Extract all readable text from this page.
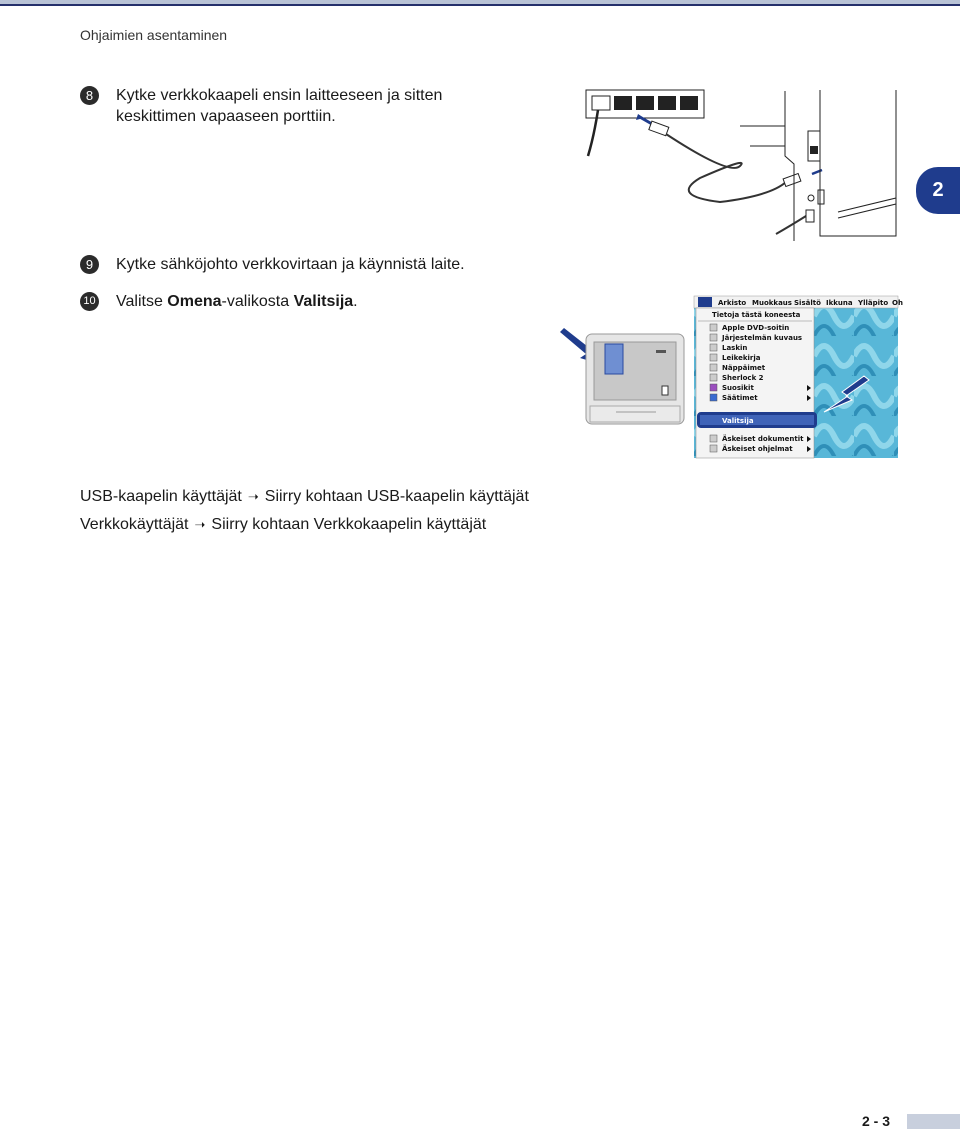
Ohjaimien asentaminen
8	Kytke verkkokaapeli ensin laitteeseen ja sitten
keskittimen vapaaseen porttiin.
9	Kytke sähköjohto verkkovirtaan ja käynnistä laite.
10 Valitse Omena-valikosta Valitsija.
2
Arkisto Muokkaus Sisältö Ikkuna Ylläpito Oh
Tietoja tästä koneesta
Apple DVD-soitin
Järjestelmän kuvaus
Laskin
Leikekirja
Näppäimet
Sherlock 2
Suosikit
Säätimet
Valitsija
Äskeiset dokumentit
Äskeiset ohjelmat
USB-kaapelin käyttäjät ➝ Siirry kohtaan USB-kaapelin käyttäjät
Verkkokäyttäjät ➝ Siirry kohtaan Verkkokaapelin käyttäjät
2 - 3
